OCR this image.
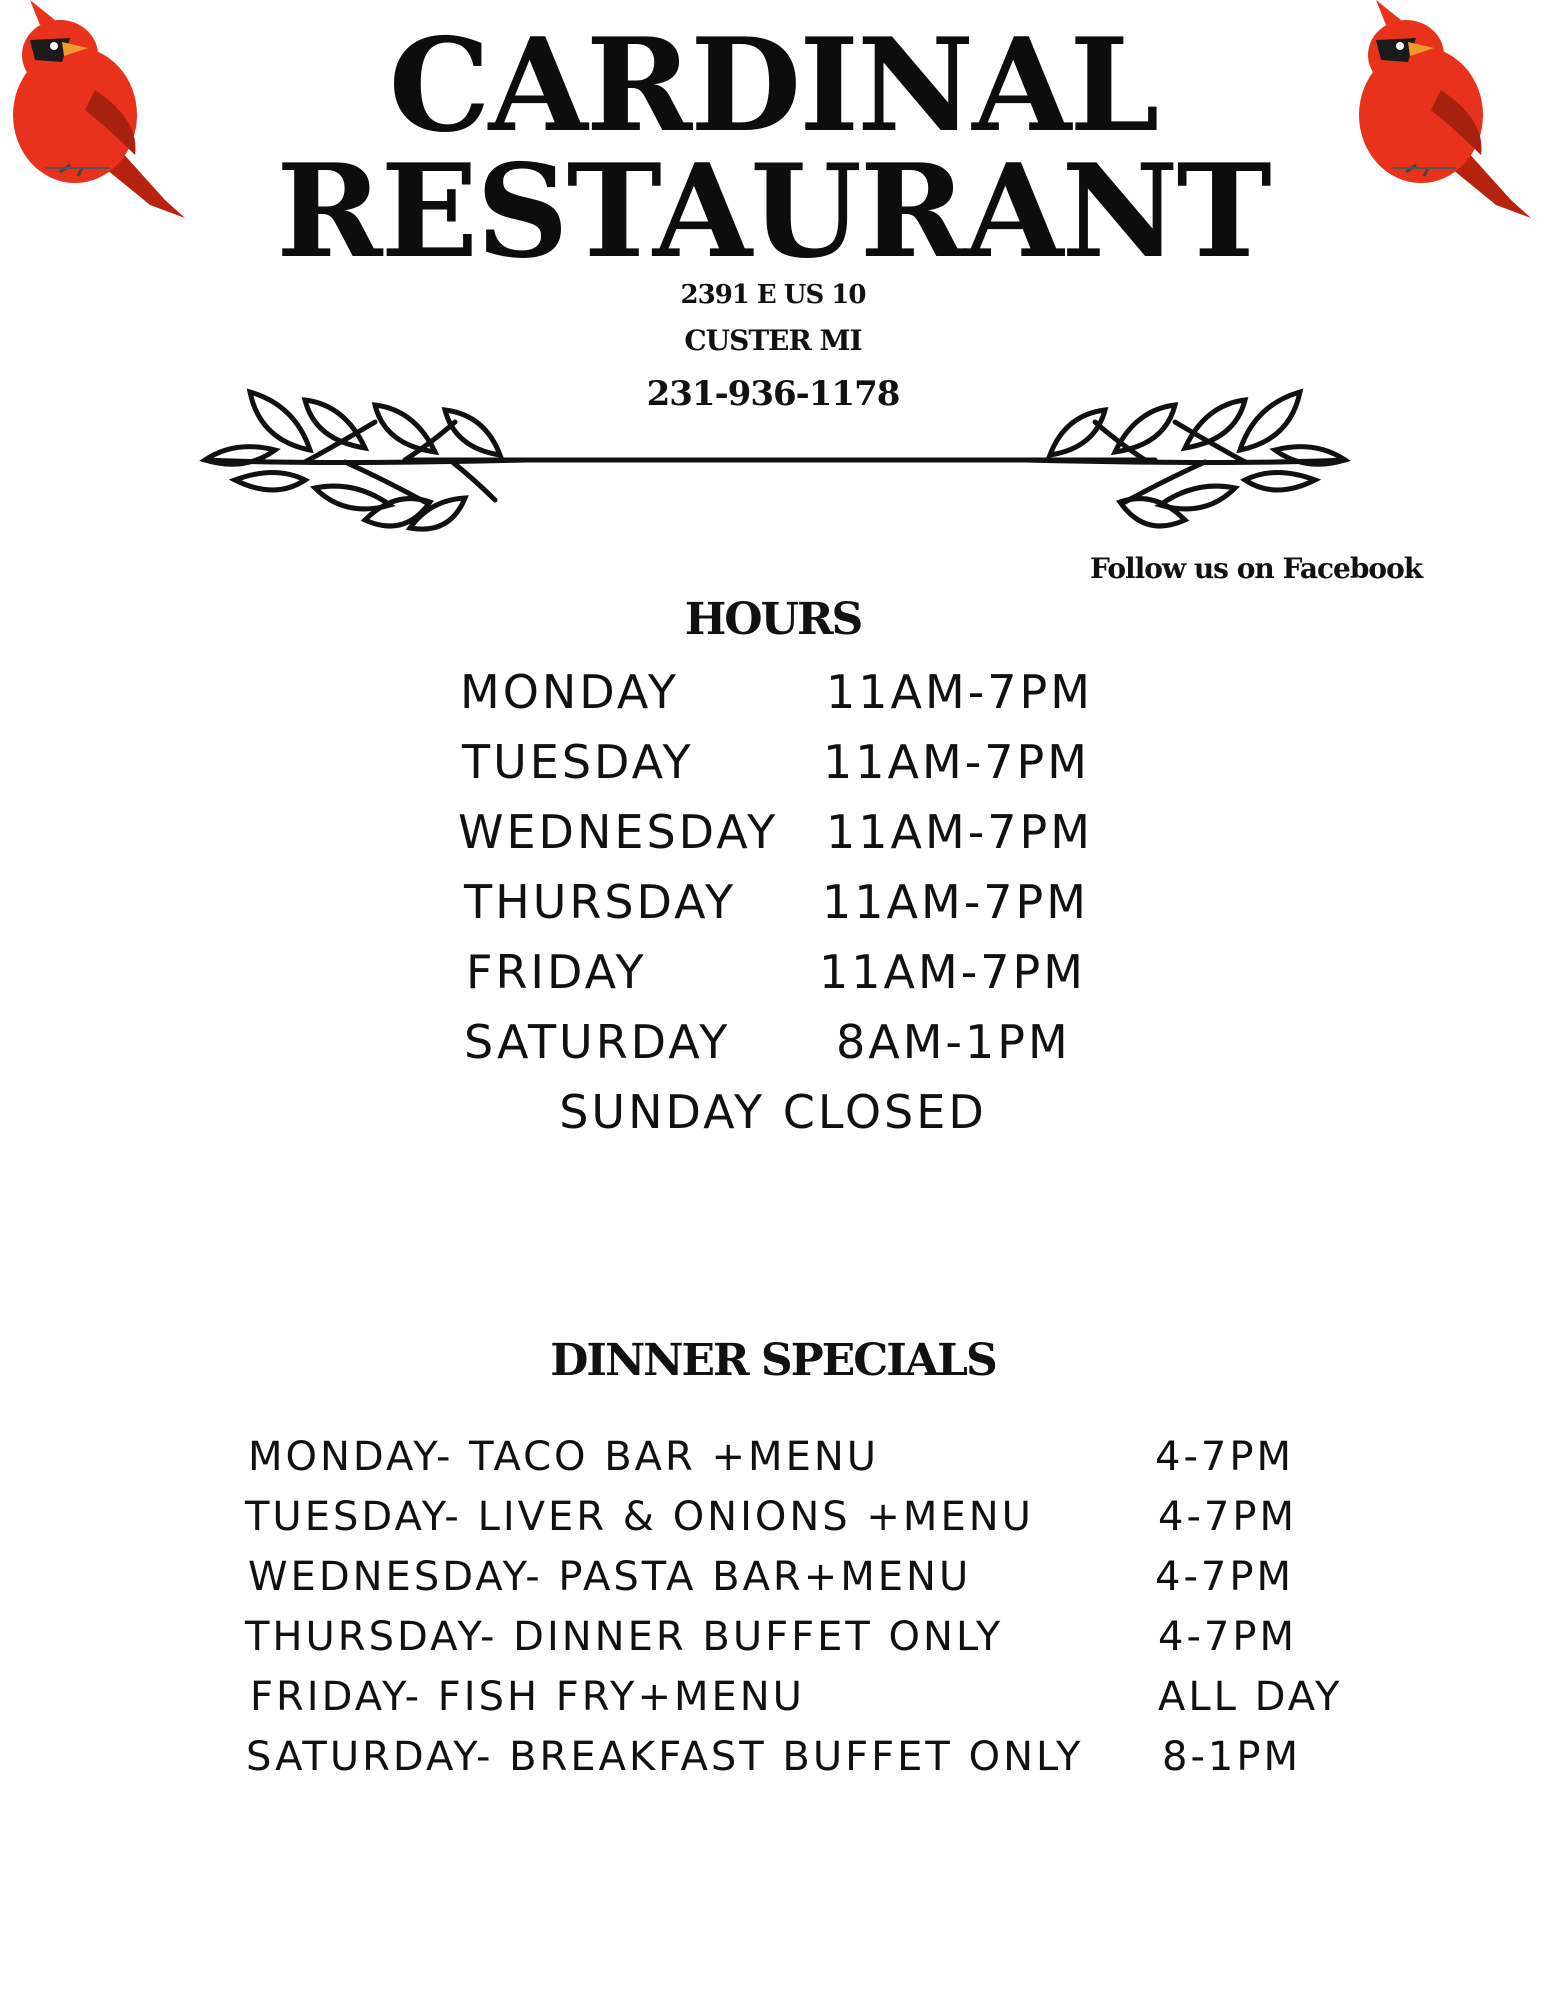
CARDINAL
RESTAURANT
2391 E US 10
CUSTER MI
231-936-1178
Follow us on Facebook
HOURS
MONDAY	11AM-7PM
TUESDAY	11AM-7PM
WEDNESDAY 11AM-7PM
THURSDAY 11AM-7PM
FRIDAY	11AM-7PM
SATURDAY 8AM-1PM
SUNDAY CLOSED
DINNER SPECIALS
MONDAY- TACO BAR +MENU	4-7PM
TUESDAY- LIVER & ONIONS +MENU	4-7PM
WEDNESDAY- PASTA BAR+MENU	4-7PM
THURSDAY- DINNER BUFFET ONLY	4-7PM
FRIDAY- FISH FRY+MENU	ALL DAY
SATURDAY- BREAKFAST BUFFET ONLY 8-1PM
